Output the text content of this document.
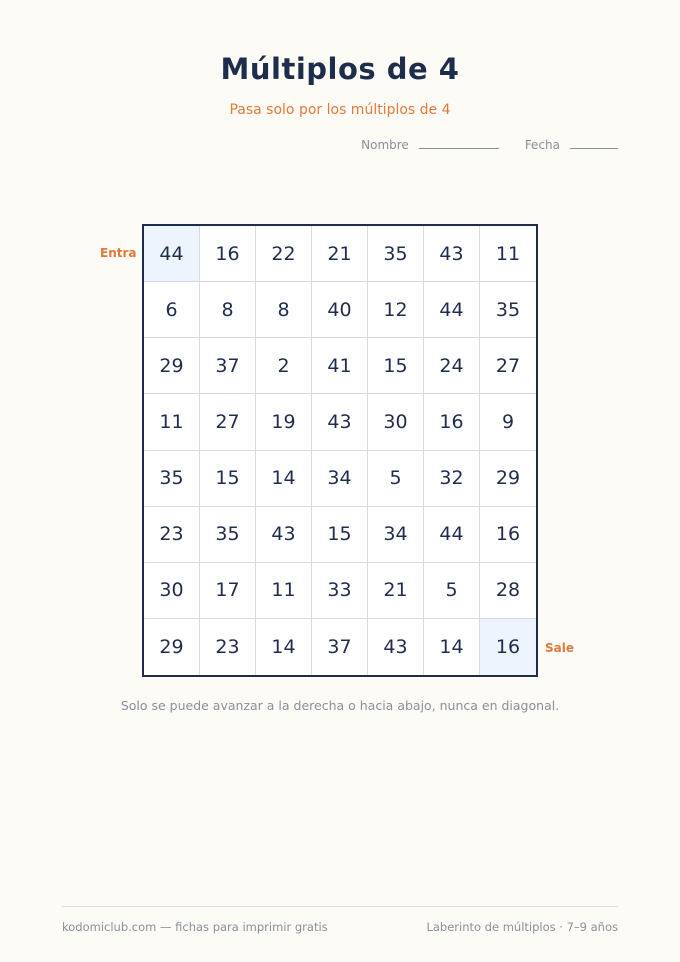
Múltiplos de 4
Pasa solo por los múltiplos de 4
Nombre	Fecha
Entra
Sale
44	16	22	21	35	43	11
6	8	8	40	12	44	35
29	37	2	41	15	24	27
11	27	19	43	30	16	9
35	15	14	34	5	32	29
23	35	43	15	34	44	16
30	17	11	33	21	5	28
29	23	14	37	43	14	16
Solo se puede avanzar a la derecha o hacia abajo, nunca en diagonal.
kodomiclub.com — fichas para imprimir gratis	Laberinto de múltiplos · 7–9 años
